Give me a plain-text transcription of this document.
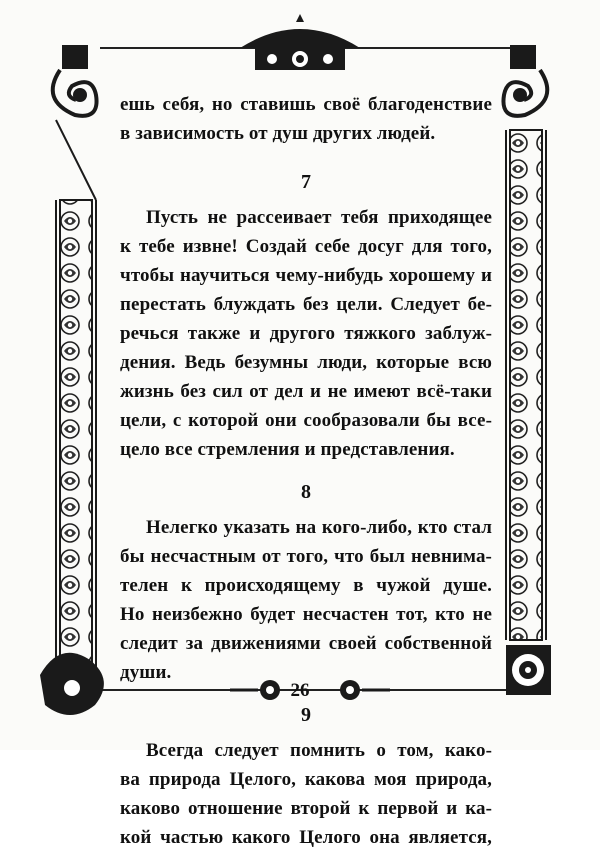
ешь себя, но ставишь своё благоденствие
в зависимость от душ других людей.

7

Пусть не рассеивает тебя приходящее
к тебе извне! Создай себе досуг для того,
чтобы научиться чему-нибудь хорошему и
перестать блуждать без цели. Следует бе-
речься также и другого тяжкого заблуж-
дения. Ведь безумны люди, которые всю
жизнь без сил от дел и не имеют всё-таки
цели, с которой они сообразовали бы все-
цело все стремления и представления.

8

Нелегко указать на кого-либо, кто стал
бы несчастным от того, что был невнима-
телен к происходящему в чужой душе.
Но неизбежно будет несчастен тот, кто не
следит за движениями своей собственной
души.

9

Всегда следует помнить о том, како-
ва природа Целого, какова моя природа,
каково отношение второй к первой и ка-
кой частью какого Целого она является,

26
